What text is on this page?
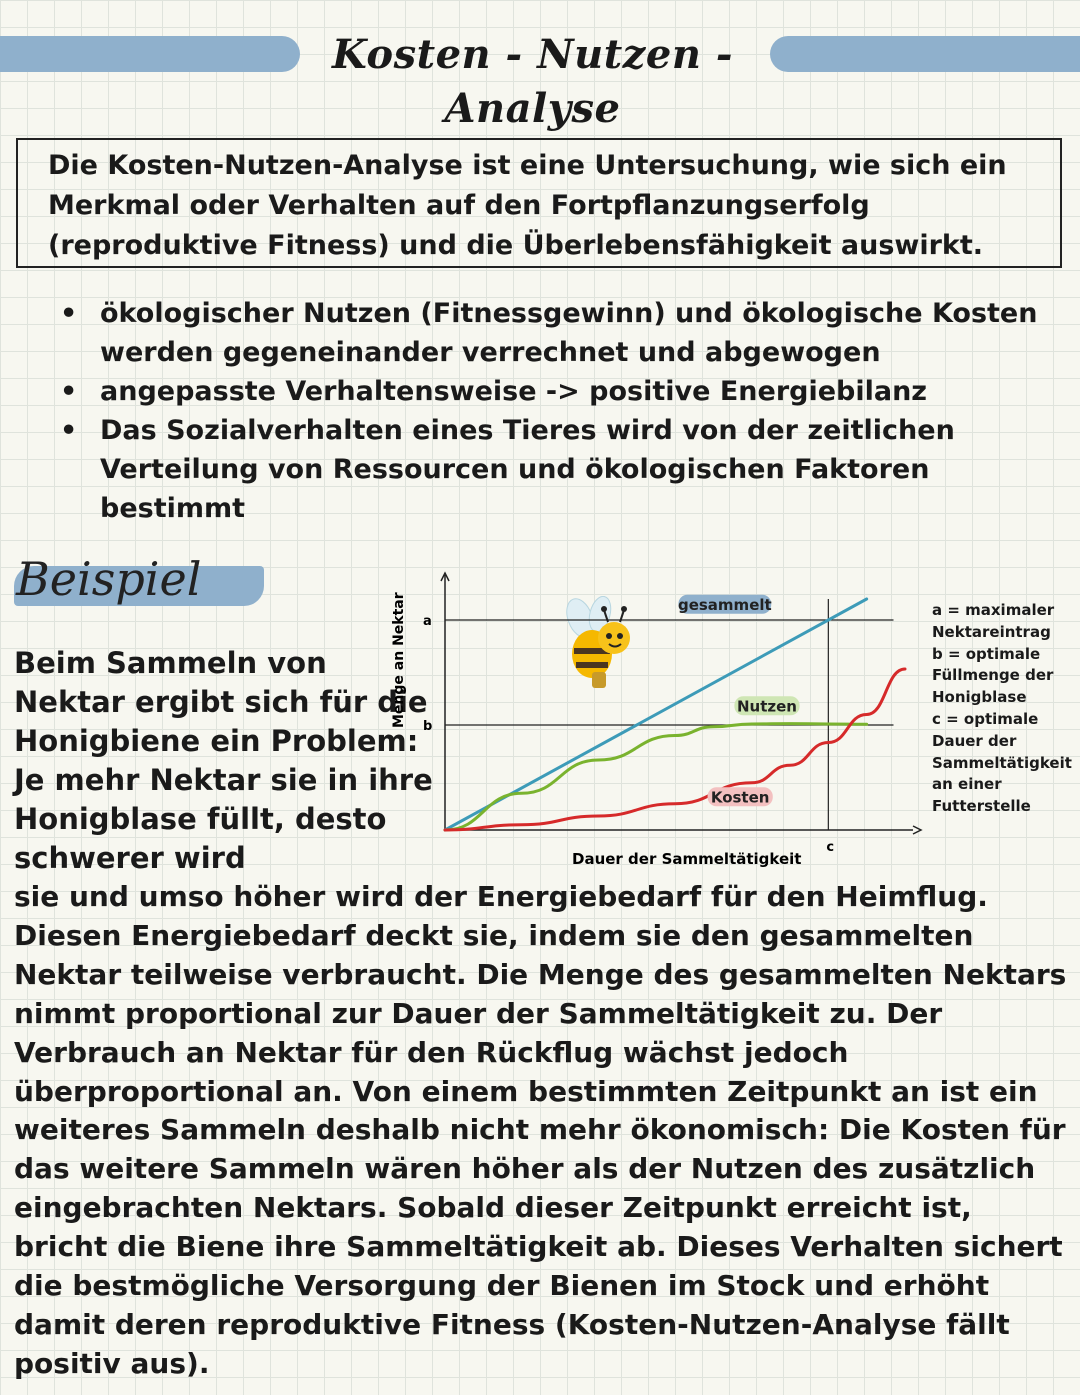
Kosten - Nutzen - Analyse
Die Kosten-Nutzen-Analyse ist eine Untersuchung, wie sich ein Merkmal oder Verhalten auf den Fortpflanzungserfolg (reproduktive Fitness) und die Überlebensfähigkeit auswirkt.
• ökologischer Nutzen (Fitnessgewinn) und ökologische Kosten werden gegeneinander verrechnet und abgewogen
• angepasste Verhaltensweise -> positive Energiebilanz
• Das Sozialverhalten eines Tieres wird von der zeitlichen Verteilung von Ressourcen und ökologischen Faktoren bestimmt
Beispiel
Beim Sammeln von Nektar ergibt sich für die Honigbiene ein Problem: Je mehr Nektar sie in ihre Honigblase füllt, desto schwerer wird
Menge an Nektar a
b
c
gesammelt
Nutzen
Kosten
Dauer der Sammeltätigkeit
a = maximaler Nektareintrag
b = optimale Füllmenge der Honigblase
c = optimale Dauer der Sammeltätigkeit an einer Futterstelle
sie und umso höher wird der Energiebedarf für den Heimflug. Diesen Energiebedarf deckt sie, indem sie den gesammelten Nektar teilweise verbraucht. Die Menge des gesammelten Nektars nimmt proportional zur Dauer der Sammeltätigkeit zu. Der Verbrauch an Nektar für den Rückflug wächst jedoch überproportional an. Von einem bestimmten Zeitpunkt an ist ein weiteres Sammeln deshalb nicht mehr ökonomisch: Die Kosten für das weitere Sammeln wären höher als der Nutzen des zusätzlich eingebrachten Nektars. Sobald dieser Zeitpunkt erreicht ist, bricht die Biene ihre Sammeltätigkeit ab. Dieses Verhalten sichert die bestmögliche Versorgung der Bienen im Stock und erhöht damit deren reproduktive Fitness (Kosten-Nutzen-Analyse fällt positiv aus).
